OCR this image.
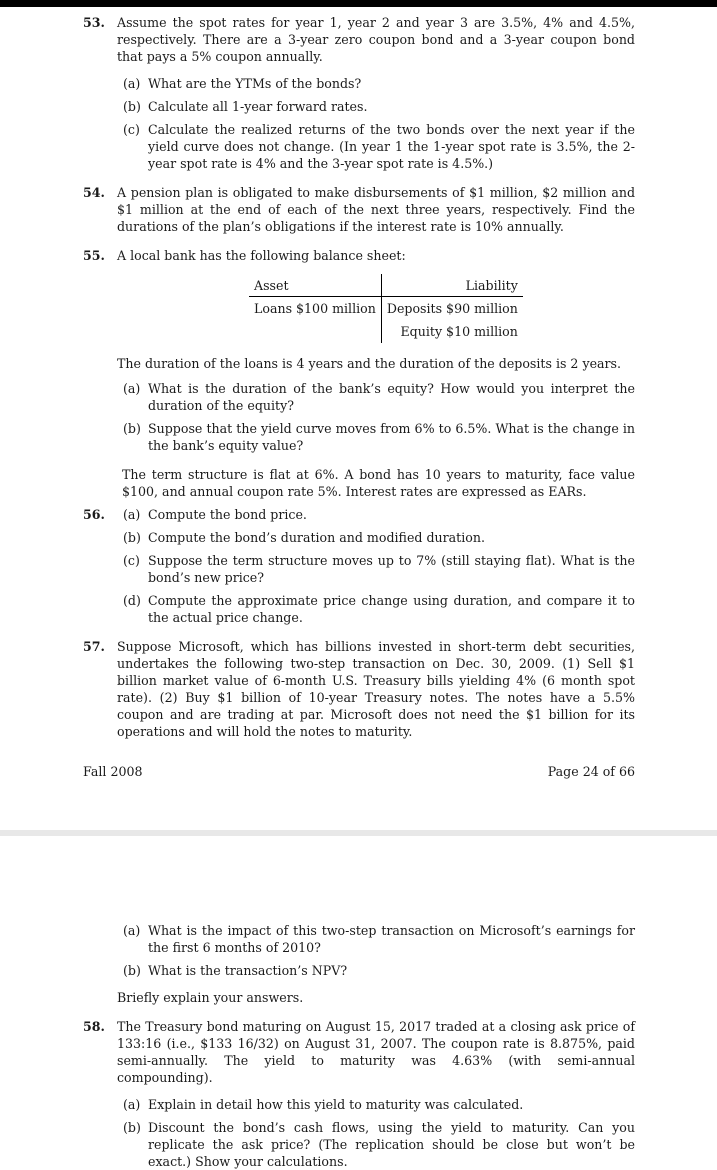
53. Assume the spot rates for year 1, year 2 and year 3 are 3.5%, 4% and 4.5%, respectively. There are a 3-year zero coupon bond and a 3-year coupon bond that pays a 5% coupon annually.

(a) What are the YTMs of the bonds?

(b) Calculate all 1-year forward rates.

(c) Calculate the realized returns of the two bonds over the next year if the yield curve does not change. (In year 1 the 1-year spot rate is 3.5%, the 2-year spot rate is 4% and the 3-year spot rate is 4.5%.)

54. A pension plan is obligated to make disbursements of $1 million, $2 million and $1 million at the end of each of the next three years, respectively. Find the durations of the plan’s obligations if the interest rate is 10% annually.

55. A local bank has the following balance sheet:

Asset	Liability
Loans $100 million	Deposits $90 million
	Equity $10 million

The duration of the loans is 4 years and the duration of the deposits is 2 years.

(a) What is the duration of the bank’s equity? How would you interpret the duration of the equity?

(b) Suppose that the yield curve moves from 6% to 6.5%. What is the change in the bank’s equity value?

The term structure is flat at 6%. A bond has 10 years to maturity, face value $100, and annual coupon rate 5%. Interest rates are expressed as EARs.

56. (a) Compute the bond price.

(b) Compute the bond’s duration and modified duration.

(c) Suppose the term structure moves up to 7% (still staying flat). What is the bond’s new price?

(d) Compute the approximate price change using duration, and compare it to the actual price change.

57. Suppose Microsoft, which has billions invested in short-term debt securities, undertakes the following two-step transaction on Dec. 30, 2009. (1) Sell $1 billion market value of 6-month U.S. Treasury bills yielding 4% (6 month spot rate). (2) Buy $1 billion of 10-year Treasury notes. The notes have a 5.5% coupon and are trading at par. Microsoft does not need the $1 billion for its operations and will hold the notes to maturity.

Fall 2008	Page 24 of 66
(a) What is the impact of this two-step transaction on Microsoft’s earnings for the first 6 months of 2010?

(b) What is the transaction’s NPV?

Briefly explain your answers.

58. The Treasury bond maturing on August 15, 2017 traded at a closing ask price of 133:16 (i.e., $133 16/32) on August 31, 2007. The coupon rate is 8.875%, paid semi-annually. The yield to maturity was 4.63% (with semi-annual compounding).

(a) Explain in detail how this yield to maturity was calculated.

(b) Discount the bond’s cash flows, using the yield to maturity. Can you replicate the ask price? (The replication should be close but won’t be exact.) Show your calculations.
